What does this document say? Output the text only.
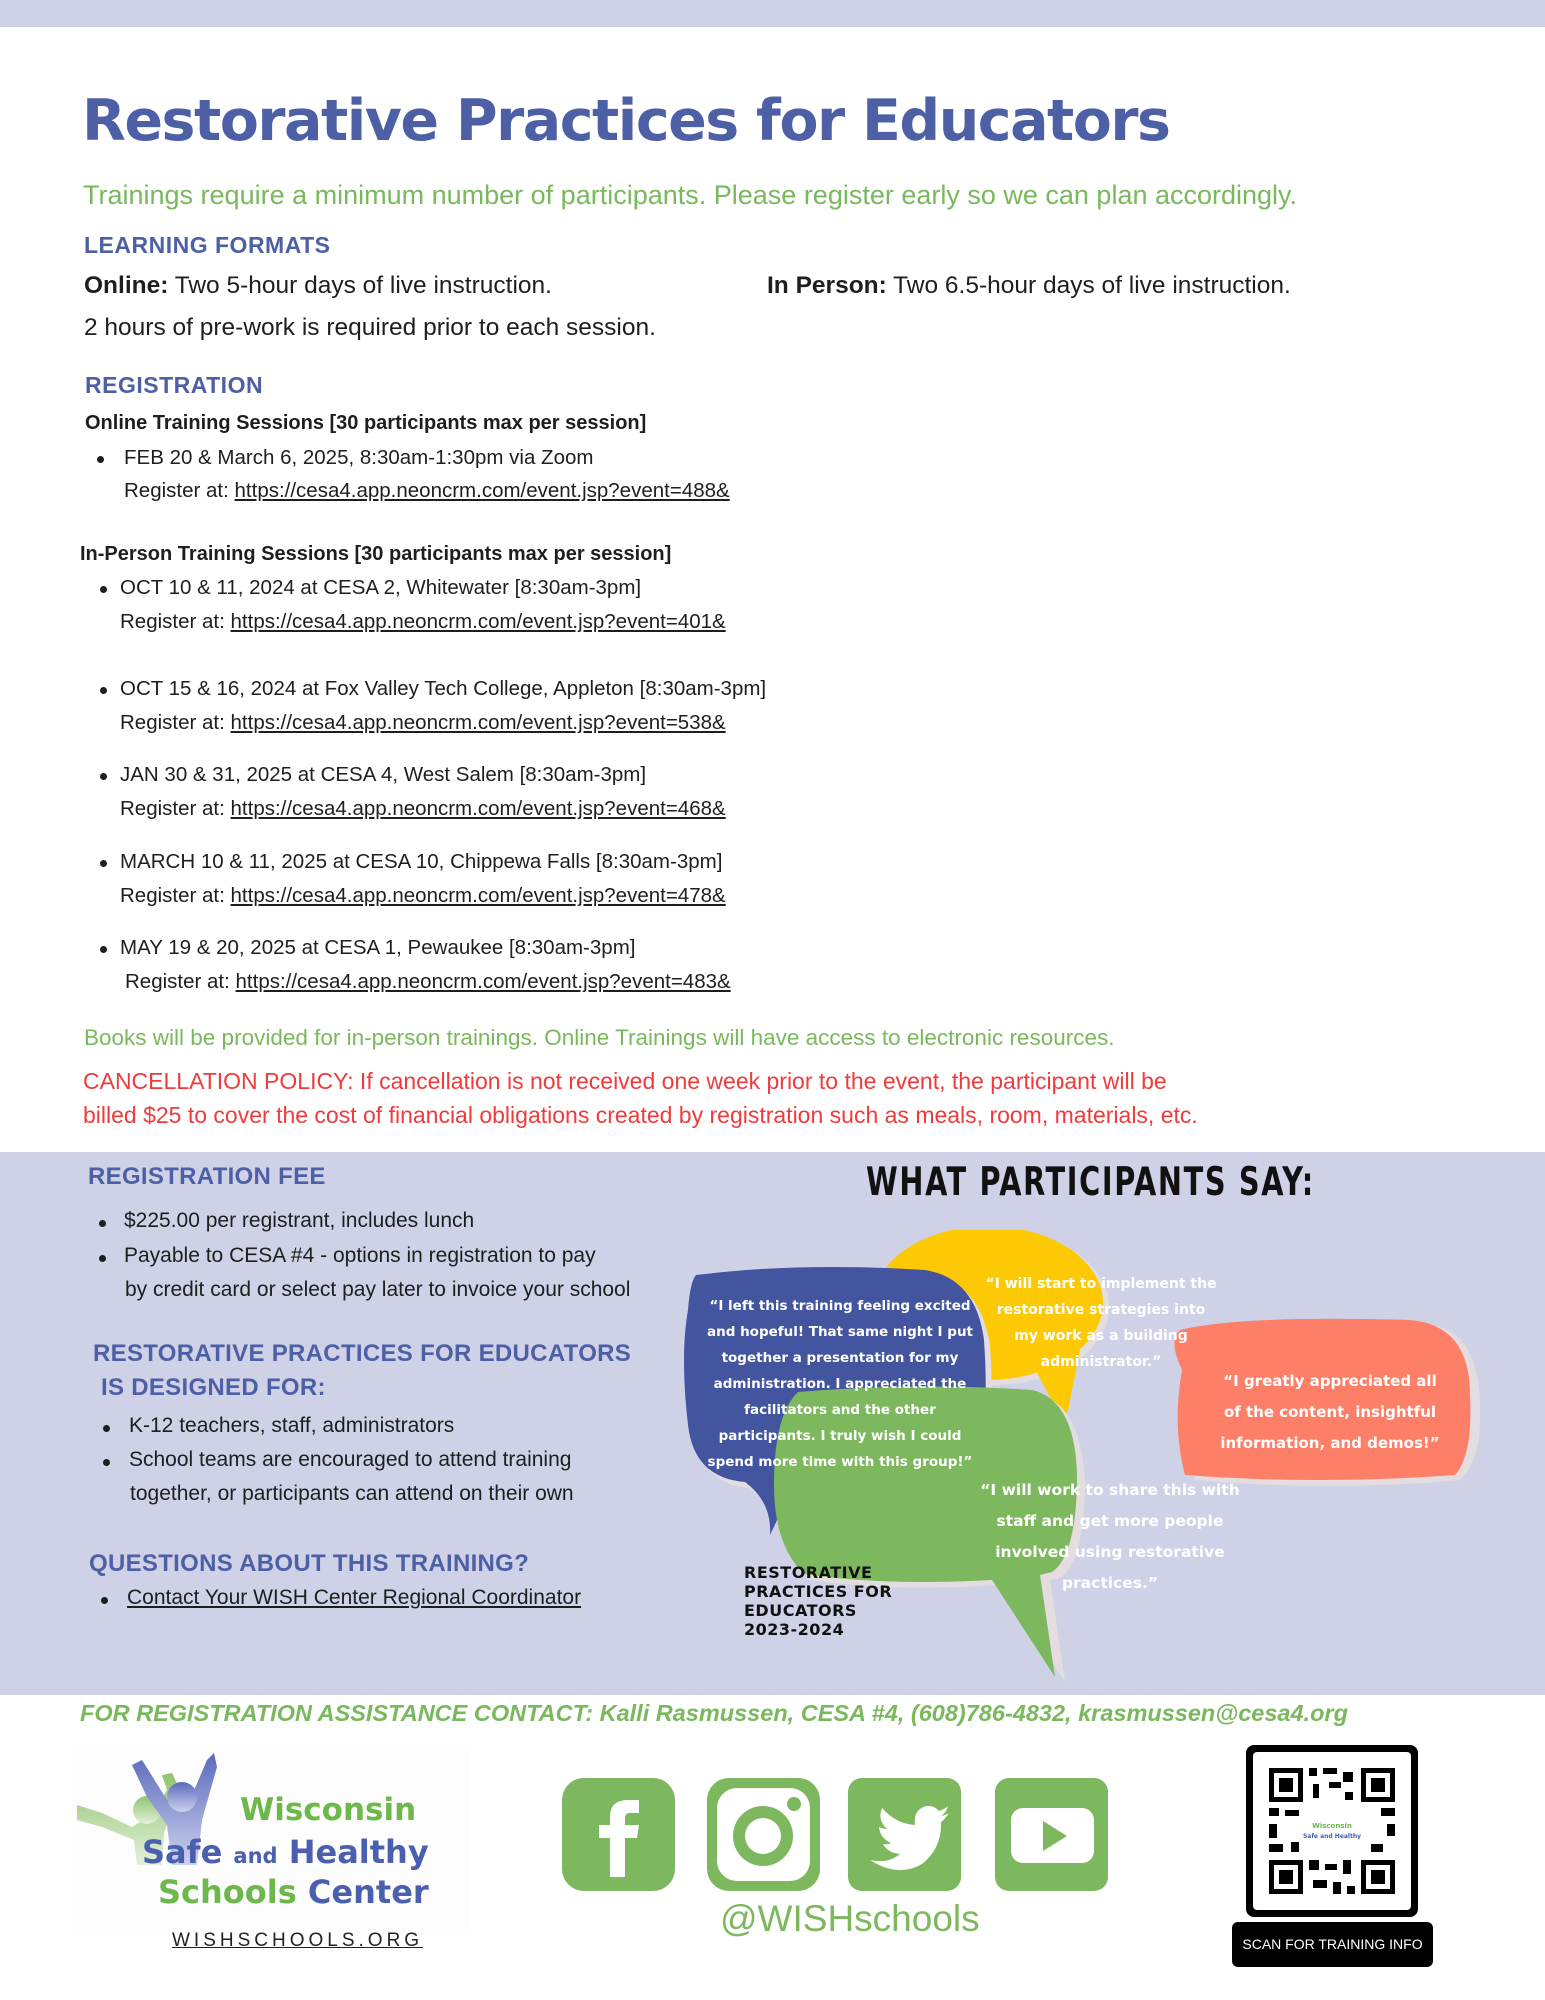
Restorative Practices for Educators
Trainings require a minimum number of participants. Please register early so we can plan accordingly.
LEARNING FORMATS
Online: Two 5-hour days of live instruction.
2 hours of pre-work is required prior to each session.
In Person: Two 6.5-hour days of live instruction.
REGISTRATION
Online Training Sessions [30 participants max per session]
FEB 20 & March 6, 2025, 8:30am-1:30pm via Zoom
Register at: https://cesa4.app.neoncrm.com/event.jsp?event=488&
In-Person Training Sessions [30 participants max per session]
OCT 10 & 11, 2024 at CESA 2, Whitewater [8:30am-3pm]
Register at: https://cesa4.app.neoncrm.com/event.jsp?event=401&
OCT 15 & 16, 2024 at Fox Valley Tech College, Appleton [8:30am-3pm]
Register at: https://cesa4.app.neoncrm.com/event.jsp?event=538&
JAN 30 & 31, 2025 at CESA 4, West Salem [8:30am-3pm]
Register at: https://cesa4.app.neoncrm.com/event.jsp?event=468&
MARCH 10 & 11, 2025 at CESA 10, Chippewa Falls [8:30am-3pm]
Register at: https://cesa4.app.neoncrm.com/event.jsp?event=478&
MAY 19 & 20, 2025 at CESA 1, Pewaukee [8:30am-3pm]
Register at: https://cesa4.app.neoncrm.com/event.jsp?event=483&
Books will be provided for in-person trainings. Online Trainings will have access to electronic resources.
CANCELLATION POLICY: If cancellation is not received one week prior to the event, the participant will be
billed $25 to cover the cost of financial obligations created by registration such as meals, room, materials, etc.
REGISTRATION FEE
$225.00 per registrant, includes lunch
Payable to CESA #4 - options in registration to pay
by credit card or select pay later to invoice your school
RESTORATIVE PRACTICES FOR EDUCATORS
IS DESIGNED FOR:
K-12 teachers, staff, administrators
School teams are encouraged to attend training
together, or participants can attend on their own
QUESTIONS ABOUT THIS TRAINING?
Contact Your WISH Center Regional Coordinator
WHAT PARTICIPANTS SAY:
“I left this training feeling excited
and hopeful! That same night I put
together a presentation for my
administration. I appreciated the
facilitators and the other
participants. I truly wish I could
spend more time with this group!”
“I will start to implement the
restorative strategies into
my work as a building
administrator.”
“I greatly appreciated all
of the content, insightful
information, and demos!”
“I will work to share this with
staff and get more people
involved using restorative
practices.”
RESTORATIVE
PRACTICES FOR
EDUCATORS
2023-2024
FOR REGISTRATION ASSISTANCE CONTACT: Kalli Rasmussen, CESA #4, (608)786-4832, krasmussen@cesa4.org
Wisconsin
Safe and Healthy
Schools Center
WISHSCHOOLS.ORG
@WISHschools
Wisconsin
Safe and Healthy
SCAN FOR TRAINING INFO
